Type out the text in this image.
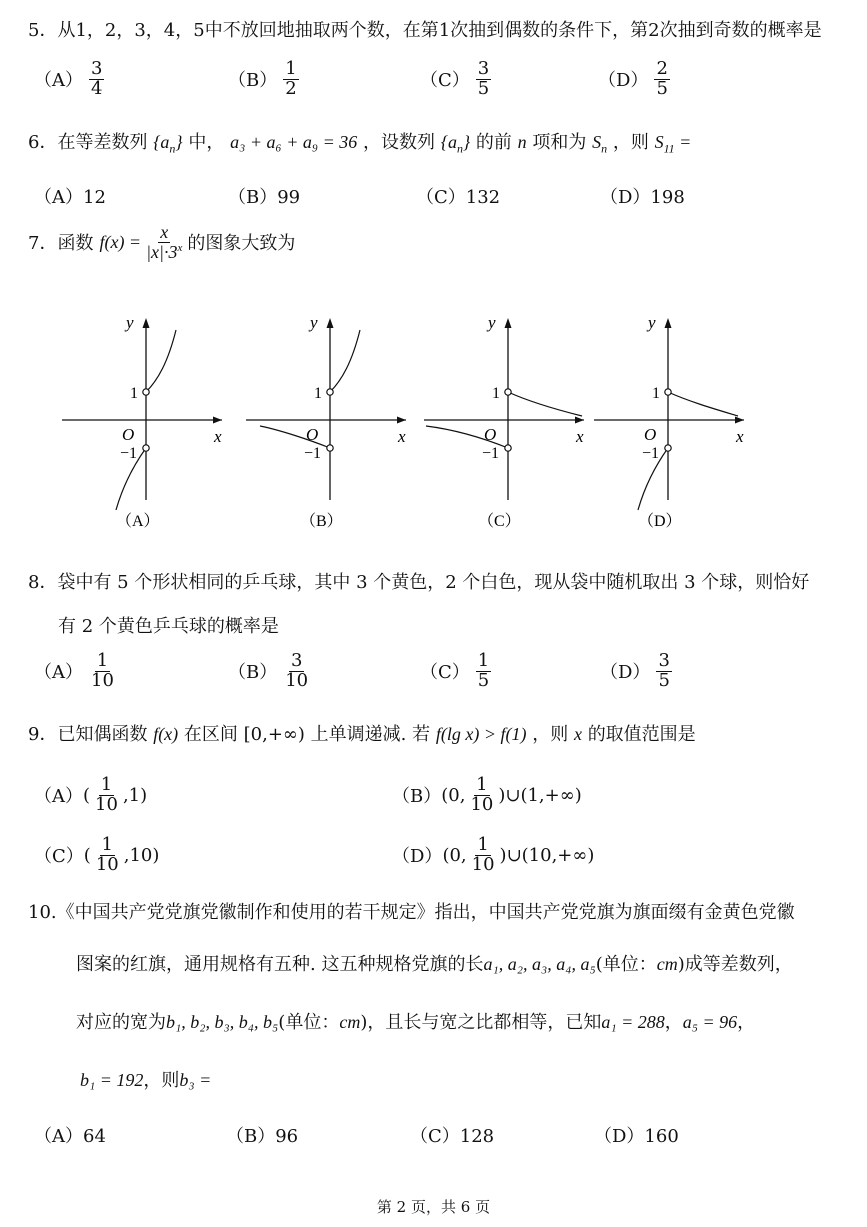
5．从1，2，3，4，5中不放回地抽取两个数，在第1次抽到偶数的条件下，第2次抽到奇数的概率是
6．在等差数列 $\{a_n\}$ 中， a₃ + a₆ + a₉ = 36 ，设数列 $\{a_n\}$ 的前 n 项和为 $S_n$ ，则 $S_{11}$ =
（A）12	（B）99	（C）132	（D）198
7．函数 $f(x) = \frac{x}{|x|\cdot 3^x}$ 的图象大致为
x
y
O
1
−1
（A）
x
y
O
1
−1
（B）
x
y
O
1
−1
（C）
x
y
O
1
−1
（D）
8．袋中有 5 个形状相同的乒乓球，其中 3 个黄色，2 个白色，现从袋中随机取出 3 个球，则恰好
有 2 个黄色乒乓球的概率是
9．已知偶函数 f(x) 在区间 [0,+∞) 上单调递减. 若 f(lg x) > f(1) ，则 x 的取值范围是
（A） ( $\frac{1}{10} ,1$)	（B） (0, $\frac{1}{10}$ )∪(1,+∞)
（C） ( $\frac{1}{10} ,10$)	（D） (0, $\frac{1}{10}$ )∪(10,+∞)
10.《中国共产党党旗党徽制作和使用的若干规定》指出，中国共产党党旗为旗面缀有金黄色党徽
图案的红旗，通用规格有五种. 这五种规格党旗的长a₁, a₂, a₃, a₄, a₅(单位：cm)成等差数列，
对应的宽为b₁, b₂, b₃, b₄, b₅(单位：cm)，且长与宽之比都相等，已知a₁ = 288，a₅ = 96，
b₁ = 192，则b₃ =
（A）64	（B）96	（C）128	（D）160
第 2 页，共 6 页
$(A) \frac{3}{4}$	$(B) \frac{1}{2}$	$(C) \frac{3}{5}$	$(D) \frac{2}{5}$
$(A) \frac{1}{10}$	$(B) \frac{3}{10}$	$(C) \frac{1}{5}$	$(D) \frac{3}{5}$
